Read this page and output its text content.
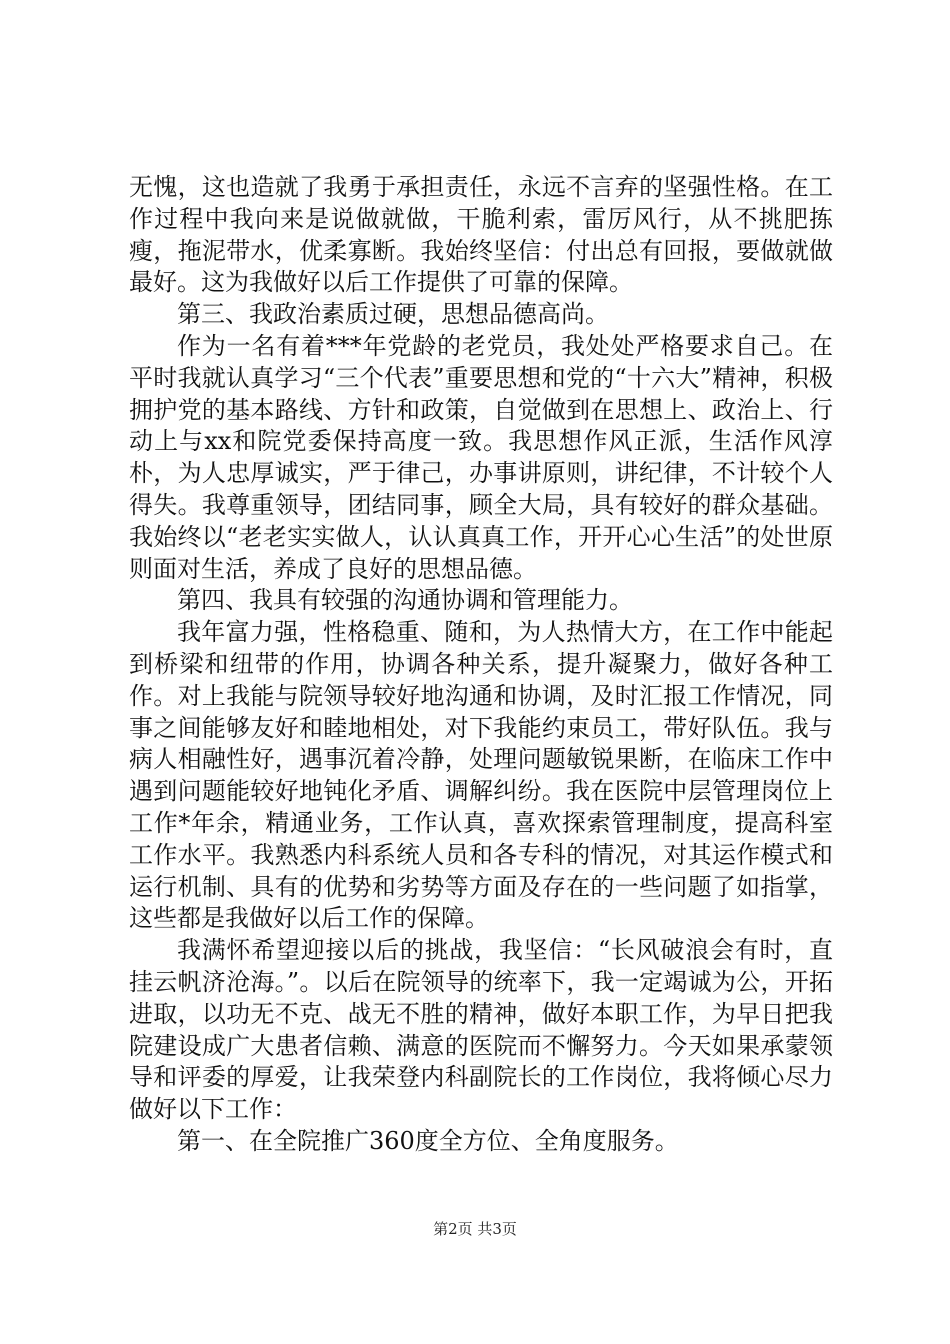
无愧，这也造就了我勇于承担责任，永远不言弃的坚强性格。在工作过程中我向来是说做就做，干脆利索，雷厉风行，从不挑肥拣瘦，拖泥带水，优柔寡断。我始终坚信：付出总有回报，要做就做最好。这为我做好以后工作提供了可靠的保障。

第三、我政治素质过硬，思想品德高尚。

作为一名有着***年党龄的老党员，我处处严格要求自己。在平时我就认真学习“三个代表”重要思想和党的“十六大”精神，积极拥护党的基本路线、方针和政策，自觉做到在思想上、政治上、行动上与xx和院党委保持高度一致。我思想作风正派，生活作风淳朴，为人忠厚诚实，严于律己，办事讲原则，讲纪律，不计较个人得失。我尊重领导，团结同事，顾全大局，具有较好的群众基础。我始终以“老老实实做人，认认真真工作，开开心心生活”的处世原则面对生活，养成了良好的思想品德。

第四、我具有较强的沟通协调和管理能力。

我年富力强，性格稳重、随和，为人热情大方，在工作中能起到桥梁和纽带的作用，协调各种关系，提升凝聚力，做好各种工作。对上我能与院领导较好地沟通和协调，及时汇报工作情况，同事之间能够友好和睦地相处，对下我能约束员工，带好队伍。我与病人相融性好，遇事沉着冷静，处理问题敏锐果断，在临床工作中遇到问题能较好地钝化矛盾、调解纠纷。我在医院中层管理岗位上工作*年余，精通业务，工作认真，喜欢探索管理制度，提高科室工作水平。我熟悉内科系统人员和各专科的情况，对其运作模式和运行机制、具有的优势和劣势等方面及存在的一些问题了如指掌，这些都是我做好以后工作的保障。

我满怀希望迎接以后的挑战，我坚信：“长风破浪会有时，直挂云帆济沧海。”。以后在院领导的统率下，我一定竭诚为公，开拓进取，以功无不克、战无不胜的精神，做好本职工作，为早日把我院建设成广大患者信赖、满意的医院而不懈努力。今天如果承蒙领导和评委的厚爱，让我荣登内科副院长的工作岗位，我将倾心尽力做好以下工作：

第一、在全院推广360度全方位、全角度服务。

第2页 共3页
